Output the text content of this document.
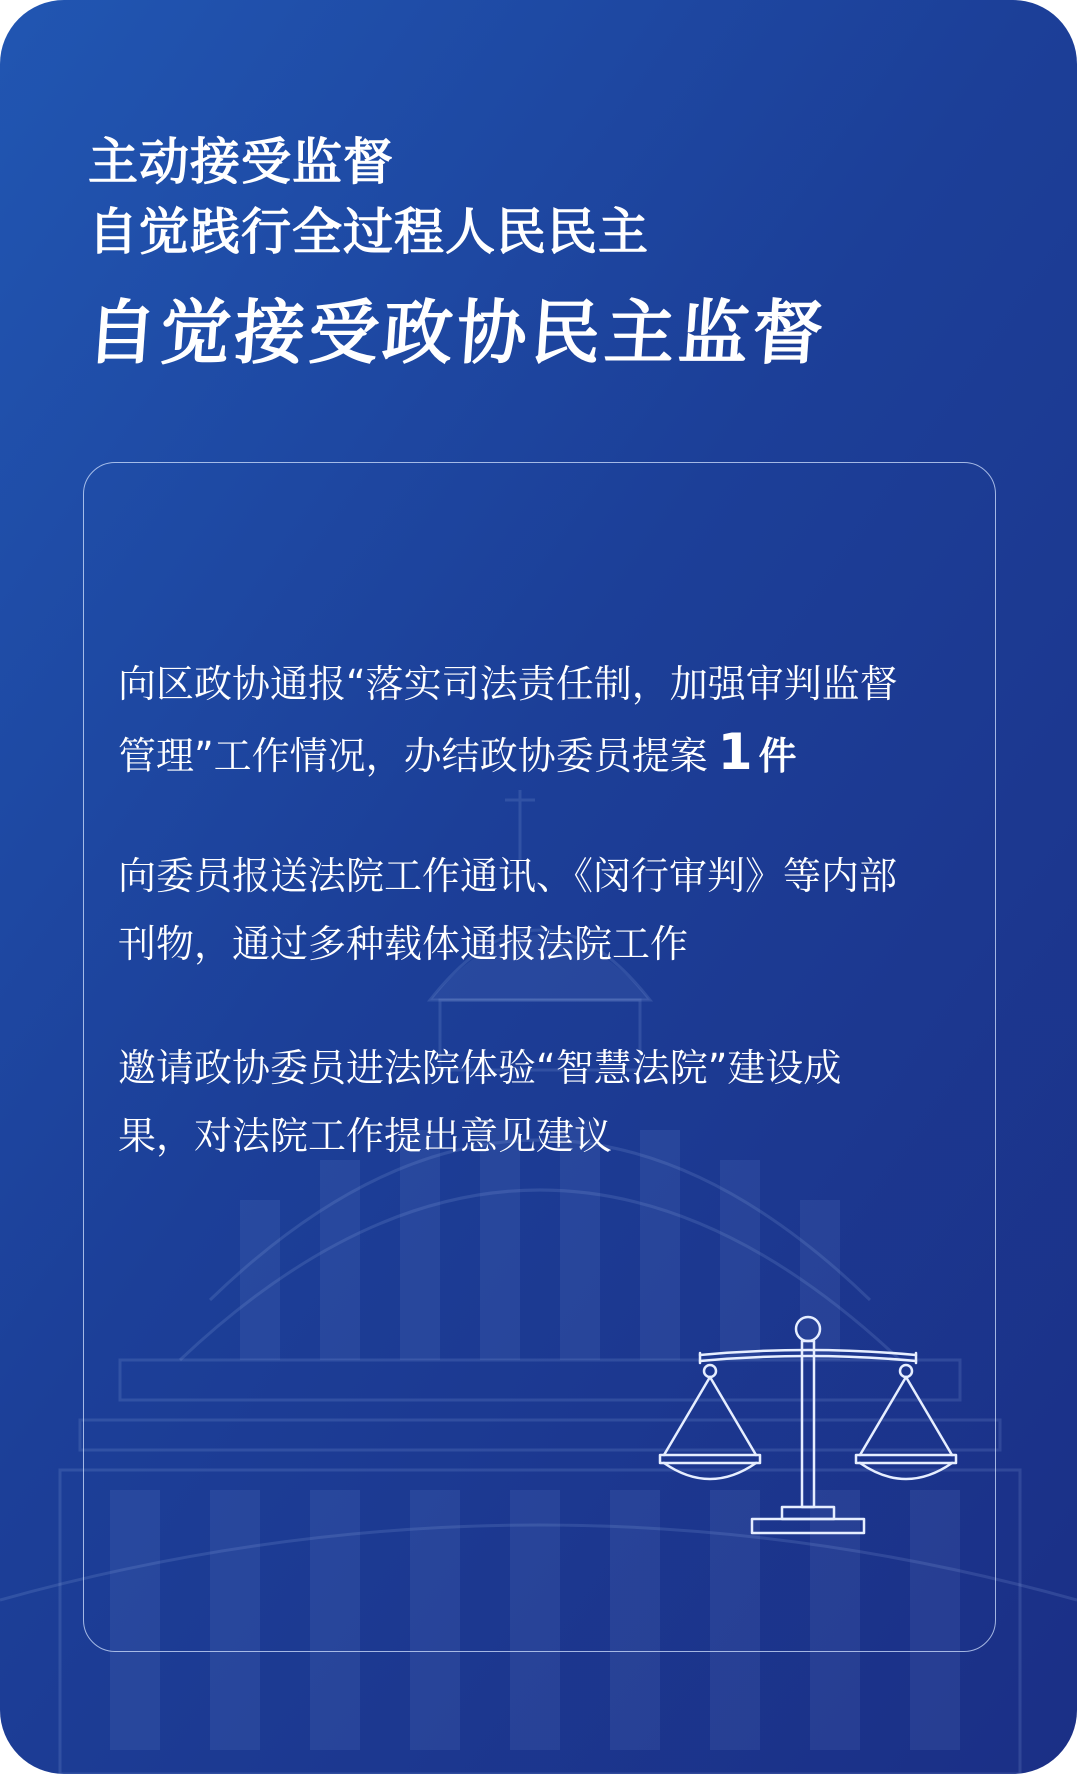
主动接受监督
自觉践行全过程人民民主
自觉接受政协民主监督
向区政协通报“落实司法责任制，加强审判监督
管理”工作情况，办结政协委员提案 1 件
向委员报送法院工作通讯、《闵行审判》等内部
刊物，通过多种载体通报法院工作
邀请政协委员进法院体验“智慧法院”建设成
果，对法院工作提出意见建议
